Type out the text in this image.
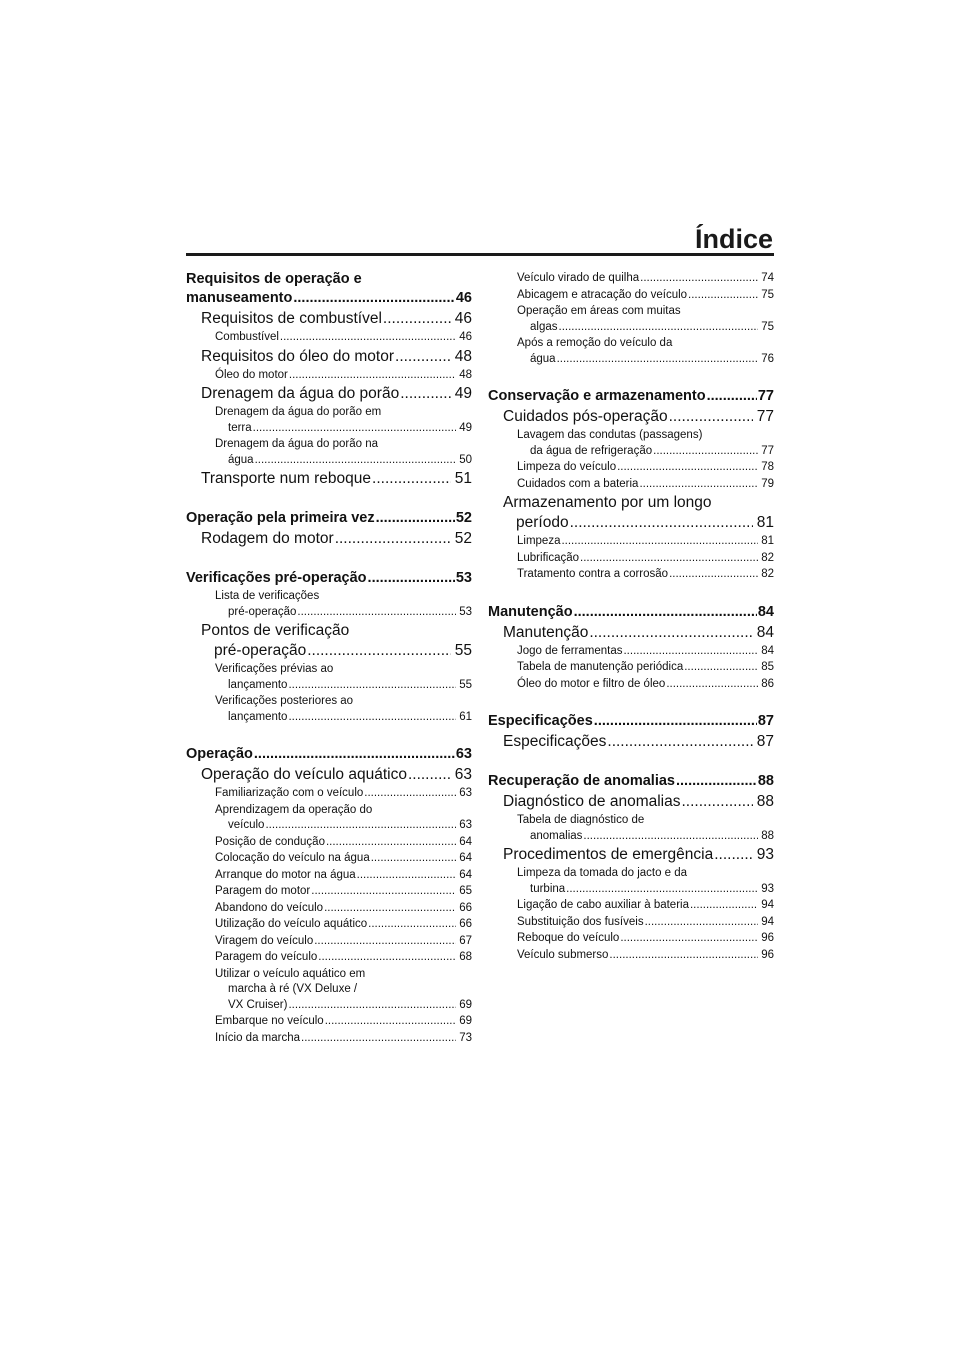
Índice
Requisitos de operação e
manuseamento .....	46
Requisitos de combustível .....	46
Combustível .....	46
Requisitos do óleo do motor .....	48
Óleo do motor .....	48
Drenagem da água do porão .....	49
Drenagem da água do porão em
terra .....	49
Drenagem da água do porão na
água .....	50
Transporte num reboque .....	51
Operação pela primeira vez .....	52
Rodagem do motor .....	52
Verificações pré-operação .....	53
Lista de verificações
pré-operação .....	53
Pontos de verificação
pré-operação .....	55
Verificações prévias ao
lançamento .....	55
Verificações posteriores ao
lançamento .....	61
Operação .....	63
Operação do veículo aquático .....	63
Familiarização com o veículo .....	63
Aprendizagem da operação do
veículo .....	63
Posição de condução .....	64
Colocação do veículo na água .....	64
Arranque do motor na água .....	64
Paragem do motor .....	65
Abandono do veículo .....	66
Utilização do veículo aquático .....	66
Viragem do veículo .....	67
Paragem do veículo .....	68
Utilizar o veículo aquático em
marcha à ré (VX Deluxe /
VX Cruiser) .....	69
Embarque no veículo .....	69
Início da marcha .....	73
Veículo virado de quilha .....	74
Abicagem e atracação do veículo .....	75
Operação em áreas com muitas
algas .....	75
Após a remoção do veículo da
água .....	76
Conservação e armazenamento .....	77
Cuidados pós-operação .....	77
Lavagem das condutas (passagens)
da água de refrigeração .....	77
Limpeza do veículo .....	78
Cuidados com a bateria .....	79
Armazenamento por um longo
período .....	81
Limpeza .....	81
Lubrificação .....	82
Tratamento contra a corrosão .....	82
Manutenção .....	84
Manutenção .....	84
Jogo de ferramentas .....	84
Tabela de manutenção periódica .....	85
Óleo do motor e filtro de óleo .....	86
Especificações .....	87
Especificações .....	87
Recuperação de anomalias .....	88
Diagnóstico de anomalias .....	88
Tabela de diagnóstico de
anomalias .....	88
Procedimentos de emergência .....	93
Limpeza da tomada do jacto e da
turbina .....	93
Ligação de cabo auxiliar à bateria .....	94
Substituição dos fusíveis .....	94
Reboque do veículo .....	96
Veículo submerso .....	96
